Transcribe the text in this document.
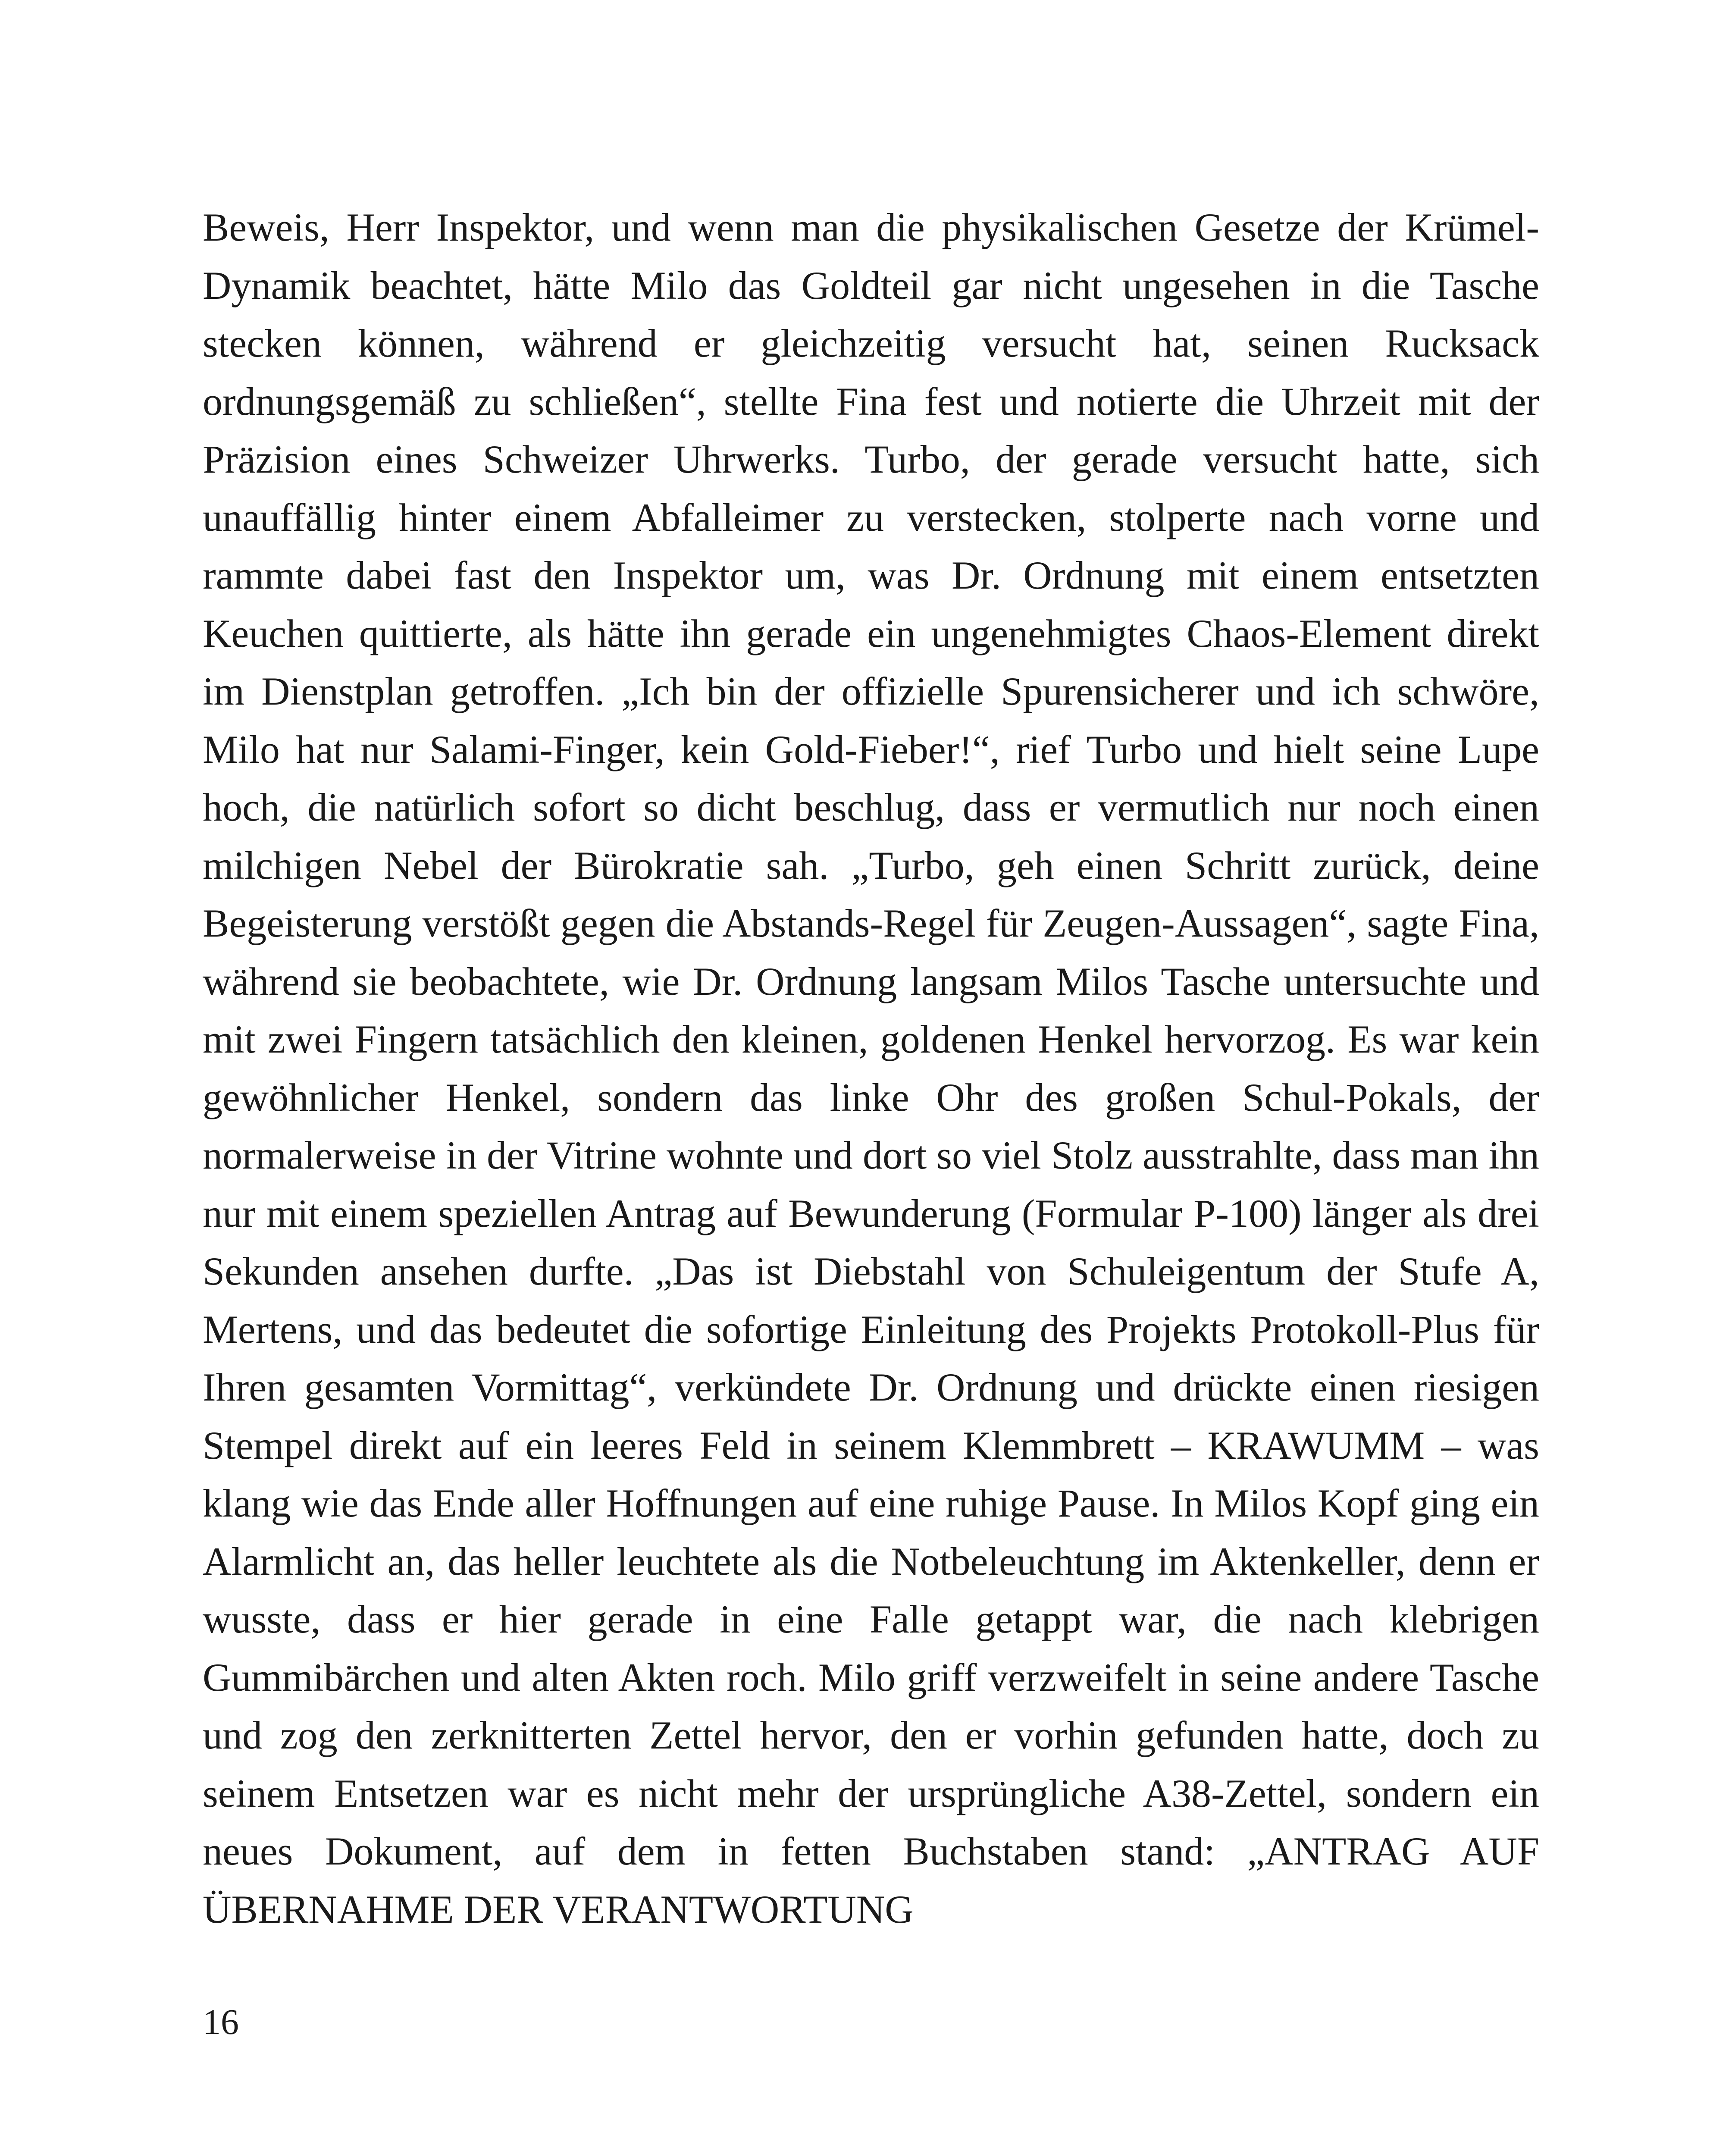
Beweis, Herr Inspektor, und wenn man die physikalischen Gesetze der Krümel-Dynamik beachtet, hätte Milo das Goldteil gar nicht ungesehen in die Tasche stecken können, während er gleichzeitig versucht hat, seinen Rucksack ordnungsgemäß zu schließen“, stellte Fina fest und notierte die Uhrzeit mit der Präzision eines Schweizer Uhrwerks. Turbo, der gerade versucht hatte, sich unauffällig hinter einem Abfalleimer zu verstecken, stolperte nach vorne und rammte dabei fast den Inspektor um, was Dr. Ordnung mit einem entsetzten Keuchen quittierte, als hätte ihn gerade ein ungenehmigtes Chaos-Element direkt im Dienstplan getroffen. „Ich bin der offizielle Spurensicherer und ich schwöre, Milo hat nur Salami-Finger, kein Gold-Fieber!“, rief Turbo und hielt seine Lupe hoch, die natürlich sofort so dicht beschlug, dass er vermutlich nur noch einen milchigen Nebel der Bürokratie sah. „Turbo, geh einen Schritt zurück, deine Begeisterung verstößt gegen die Abstands-Regel für Zeugen-Aussagen“, sagte Fina, während sie beobachtete, wie Dr. Ordnung langsam Milos Tasche untersuchte und mit zwei Fingern tatsächlich den kleinen, goldenen Henkel hervorzog. Es war kein gewöhnlicher Henkel, sondern das linke Ohr des großen Schul-Pokals, der normalerweise in der Vitrine wohnte und dort so viel Stolz ausstrahlte, dass man ihn nur mit einem speziellen Antrag auf Bewunderung (Formular P-100) länger als drei Sekunden ansehen durfte. „Das ist Diebstahl von Schuleigentum der Stufe A, Mertens, und das bedeutet die sofortige Einleitung des Projekts Protokoll-Plus für Ihren gesamten Vormittag“, verkündete Dr. Ordnung und drückte einen riesigen Stempel direkt auf ein leeres Feld in seinem Klemmbrett – KRAWUMM – was klang wie das Ende aller Hoffnungen auf eine ruhige Pause. In Milos Kopf ging ein Alarmlicht an, das heller leuchtete als die Notbeleuchtung im Aktenkeller, denn er wusste, dass er hier gerade in eine Falle getappt war, die nach klebrigen Gummibärchen und alten Akten roch. Milo griff verzweifelt in seine andere Tasche und zog den zerknitterten Zettel hervor, den er vorhin gefunden hatte, doch zu seinem Entsetzen war es nicht mehr der ursprüngliche A38-Zettel, sondern ein neues Dokument, auf dem in fetten Buchstaben stand: „ANTRAG AUF ÜBERNAHME DER VERANTWORTUNG

16
